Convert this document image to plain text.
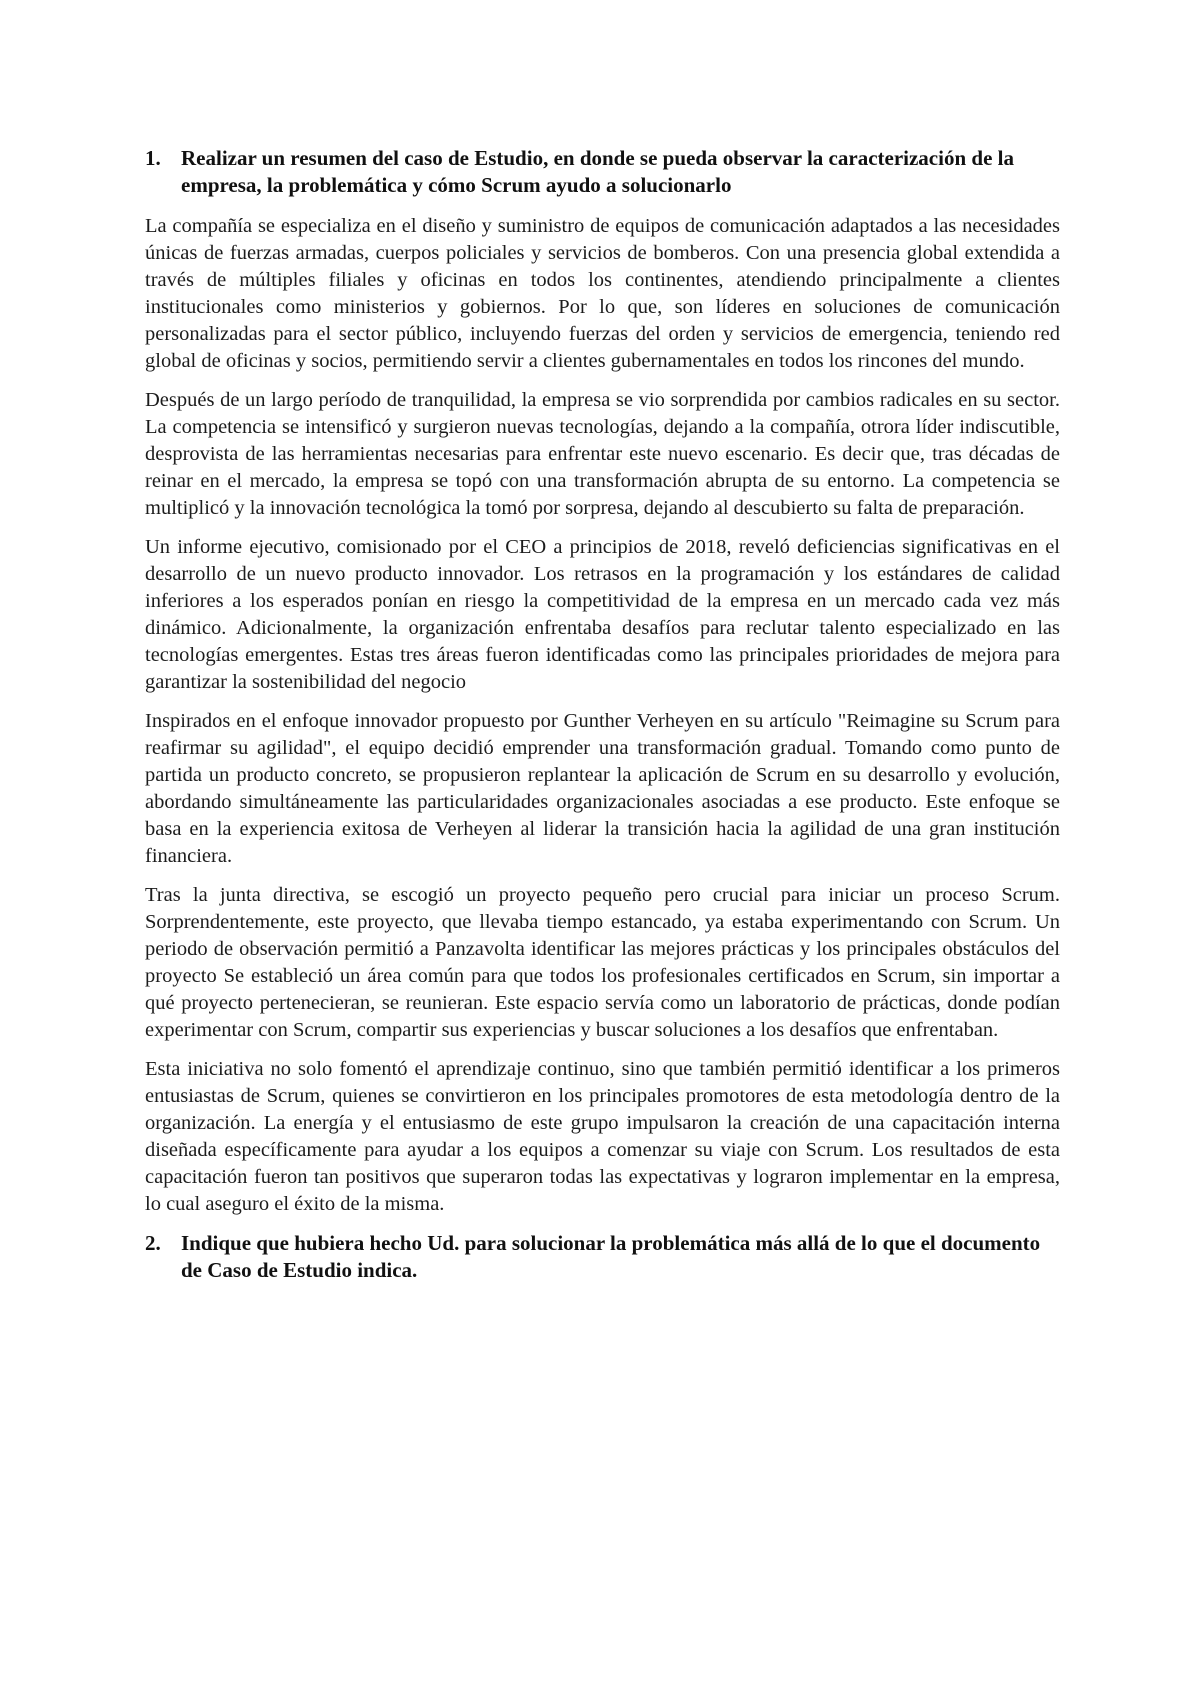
1. Realizar un resumen del caso de Estudio, en donde se pueda observar la caracterización de la empresa, la problemática y cómo Scrum ayudo a solucionarlo

La compañía se especializa en el diseño y suministro de equipos de comunicación adaptados a las necesidades únicas de fuerzas armadas, cuerpos policiales y servicios de bomberos. Con una presencia global extendida a través de múltiples filiales y oficinas en todos los continentes, atendiendo principalmente a clientes institucionales como ministerios y gobiernos. Por lo que, son líderes en soluciones de comunicación personalizadas para el sector público, incluyendo fuerzas del orden y servicios de emergencia, teniendo red global de oficinas y socios, permitiendo servir a clientes gubernamentales en todos los rincones del mundo.

Después de un largo período de tranquilidad, la empresa se vio sorprendida por cambios radicales en su sector. La competencia se intensificó y surgieron nuevas tecnologías, dejando a la compañía, otrora líder indiscutible, desprovista de las herramientas necesarias para enfrentar este nuevo escenario. Es decir que, tras décadas de reinar en el mercado, la empresa se topó con una transformación abrupta de su entorno. La competencia se multiplicó y la innovación tecnológica la tomó por sorpresa, dejando al descubierto su falta de preparación.

Un informe ejecutivo, comisionado por el CEO a principios de 2018, reveló deficiencias significativas en el desarrollo de un nuevo producto innovador. Los retrasos en la programación y los estándares de calidad inferiores a los esperados ponían en riesgo la competitividad de la empresa en un mercado cada vez más dinámico. Adicionalmente, la organización enfrentaba desafíos para reclutar talento especializado en las tecnologías emergentes. Estas tres áreas fueron identificadas como las principales prioridades de mejora para garantizar la sostenibilidad del negocio

Inspirados en el enfoque innovador propuesto por Gunther Verheyen en su artículo "Reimagine su Scrum para reafirmar su agilidad", el equipo decidió emprender una transformación gradual. Tomando como punto de partida un producto concreto, se propusieron replantear la aplicación de Scrum en su desarrollo y evolución, abordando simultáneamente las particularidades organizacionales asociadas a ese producto. Este enfoque se basa en la experiencia exitosa de Verheyen al liderar la transición hacia la agilidad de una gran institución financiera.

Tras la junta directiva, se escogió un proyecto pequeño pero crucial para iniciar un proceso Scrum. Sorprendentemente, este proyecto, que llevaba tiempo estancado, ya estaba experimentando con Scrum. Un periodo de observación permitió a Panzavolta identificar las mejores prácticas y los principales obstáculos del proyecto Se estableció un área común para que todos los profesionales certificados en Scrum, sin importar a qué proyecto pertenecieran, se reunieran. Este espacio servía como un laboratorio de prácticas, donde podían experimentar con Scrum, compartir sus experiencias y buscar soluciones a los desafíos que enfrentaban.

Esta iniciativa no solo fomentó el aprendizaje continuo, sino que también permitió identificar a los primeros entusiastas de Scrum, quienes se convirtieron en los principales promotores de esta metodología dentro de la organización. La energía y el entusiasmo de este grupo impulsaron la creación de una capacitación interna diseñada específicamente para ayudar a los equipos a comenzar su viaje con Scrum. Los resultados de esta capacitación fueron tan positivos que superaron todas las expectativas y lograron implementar en la empresa, lo cual aseguro el éxito de la misma.

2. Indique que hubiera hecho Ud. para solucionar la problemática más allá de lo que el documento de Caso de Estudio indica.
